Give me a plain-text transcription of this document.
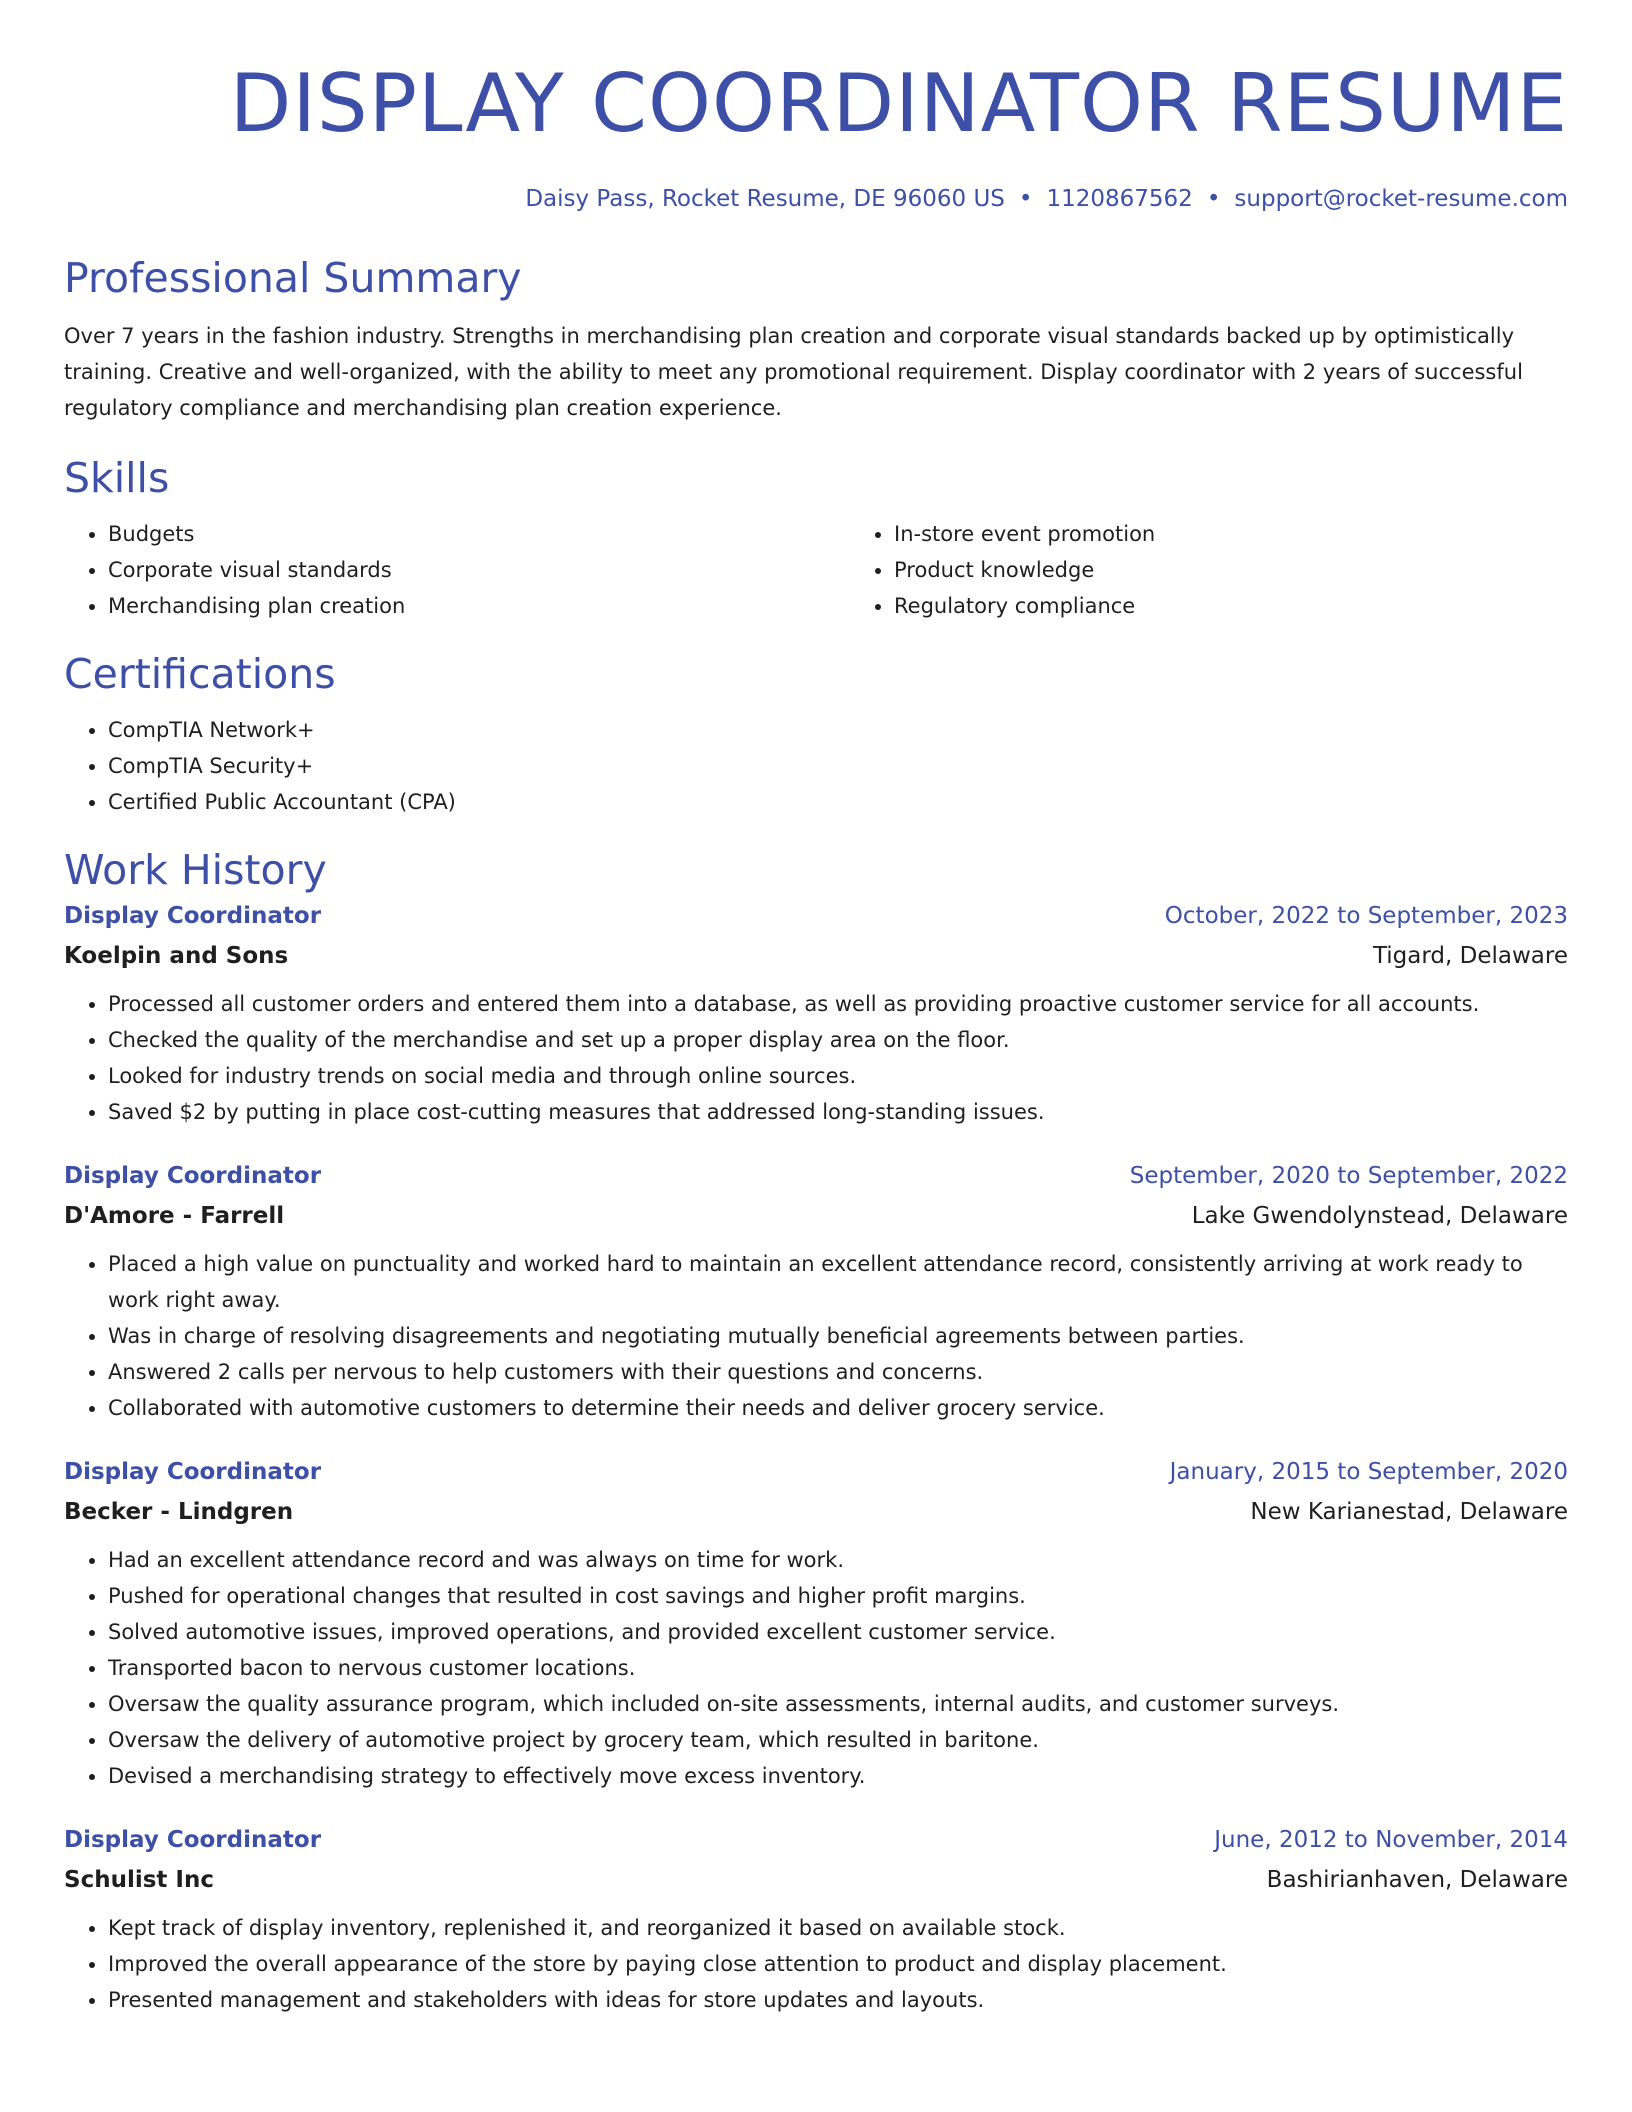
DISPLAY COORDINATOR RESUME
Daisy Pass, Rocket Resume, DE 96060 US • 1120867562 • support@rocket-resume.com
Professional Summary
Over 7 years in the fashion industry. Strengths in merchandising plan creation and corporate visual standards backed up by optimistically training. Creative and well-organized, with the ability to meet any promotional requirement. Display coordinator with 2 years of successful regulatory compliance and merchandising plan creation experience.
Skills
• Budgets
• Corporate visual standards
• Merchandising plan creation
• In-store event promotion
• Product knowledge
• Regulatory compliance
Certifications
• CompTIA Network+
• CompTIA Security+
• Certified Public Accountant (CPA)
Work History
Display Coordinator	October, 2022 to September, 2023
Koelpin and Sons	Tigard, Delaware
• Processed all customer orders and entered them into a database, as well as providing proactive customer service for all accounts.
• Checked the quality of the merchandise and set up a proper display area on the floor.
• Looked for industry trends on social media and through online sources.
• Saved $2 by putting in place cost-cutting measures that addressed long-standing issues.
Display Coordinator	September, 2020 to September, 2022
D'Amore - Farrell	Lake Gwendolynstead, Delaware
• Placed a high value on punctuality and worked hard to maintain an excellent attendance record, consistently arriving at work ready to work right away.
• Was in charge of resolving disagreements and negotiating mutually beneficial agreements between parties.
• Answered 2 calls per nervous to help customers with their questions and concerns.
• Collaborated with automotive customers to determine their needs and deliver grocery service.
Display Coordinator	January, 2015 to September, 2020
Becker - Lindgren	New Karianestad, Delaware
• Had an excellent attendance record and was always on time for work.
• Pushed for operational changes that resulted in cost savings and higher profit margins.
• Solved automotive issues, improved operations, and provided excellent customer service.
• Transported bacon to nervous customer locations.
• Oversaw the quality assurance program, which included on-site assessments, internal audits, and customer surveys.
• Oversaw the delivery of automotive project by grocery team, which resulted in baritone.
• Devised a merchandising strategy to effectively move excess inventory.
Display Coordinator	June, 2012 to November, 2014
Schulist Inc	Bashirianhaven, Delaware
• Kept track of display inventory, replenished it, and reorganized it based on available stock.
• Improved the overall appearance of the store by paying close attention to product and display placement.
• Presented management and stakeholders with ideas for store updates and layouts.
